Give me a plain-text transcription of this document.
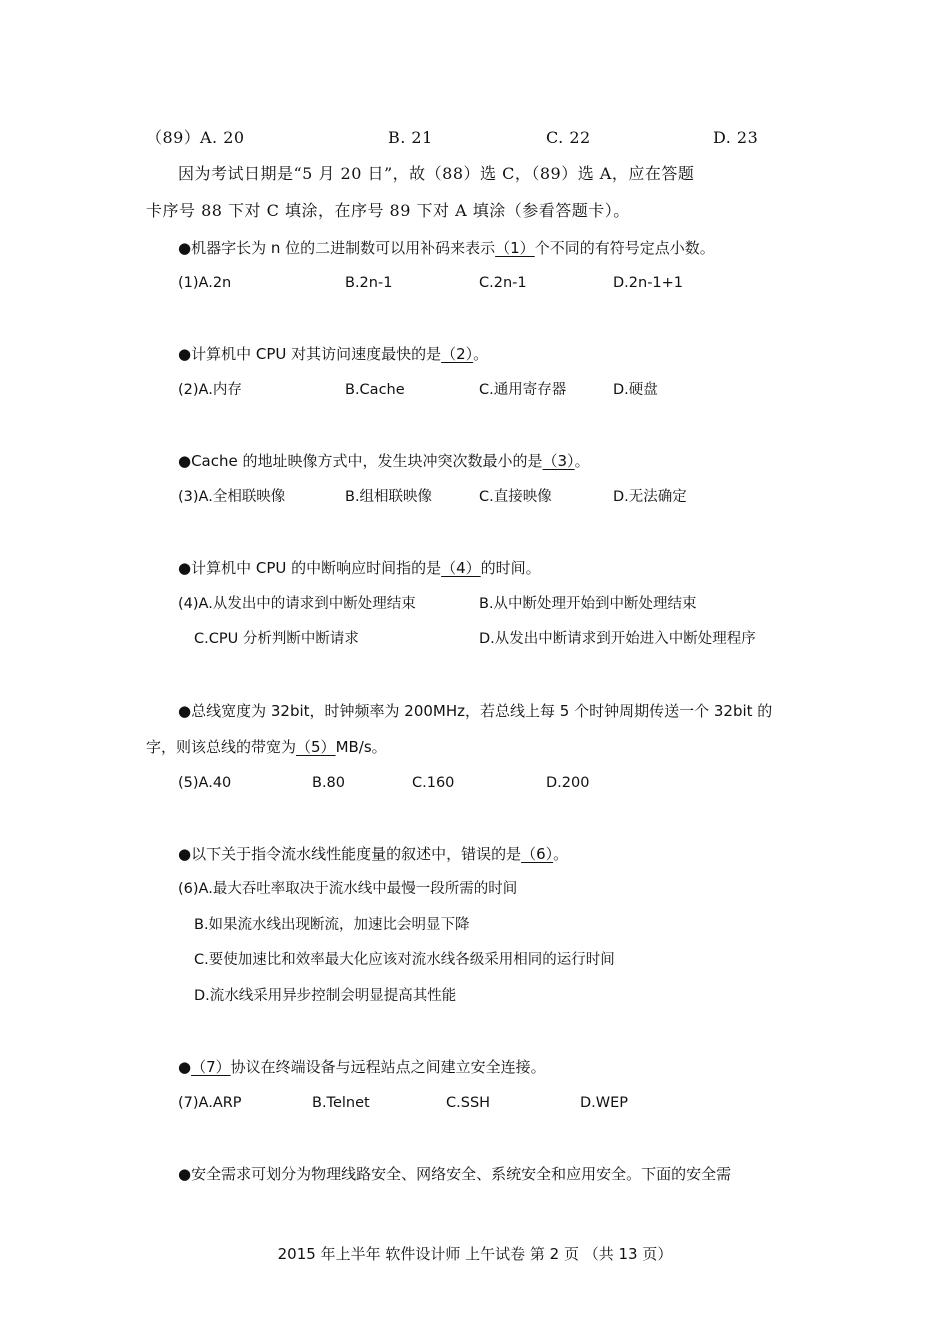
（89） A. 20	B. 21	C. 22	D. 23
因为考试日期是“5 月 20 日”，故（88）选 C，（89）选 A，应在答题
卡序号 88 下对 C 填涂，在序号 89 下对 A 填涂（参看答题卡）。
●机器字长为 n 位的二进制数可以用补码来表示（1）个不同的有符号定点小数。
(1)A.2n	B.2n-1	C.2n-1	D.2n-1+1
●计算机中 CPU 对其访问速度最快的是（2）。
(2)A.内存	B.Cache	C.通用寄存器	D.硬盘
●Cache 的地址映像方式中，发生块冲突次数最小的是（3）。
(3)A.全相联映像	B.组相联映像	C.直接映像	D.无法确定
●计算机中 CPU 的中断响应时间指的是（4）的时间。
(4)A.从发出中的请求到中断处理结束	B.从中断处理开始到中断处理结束
C.CPU 分析判断中断请求	D.从发出中断请求到开始进入中断处理程序
●总线宽度为 32bit，时钟频率为 200MHz，若总线上每 5 个时钟周期传送一个 32bit 的
字，则该总线的带宽为（5）MB/s。
(5)A.40	B.80	C.160	D.200
●以下关于指令流水线性能度量的叙述中，错误的是（6）。
(6)A.最大吞吐率取决于流水线中最慢一段所需的时间
B.如果流水线出现断流，加速比会明显下降
C.要使加速比和效率最大化应该对流水线各级采用相同的运行时间
D.流水线采用异步控制会明显提高其性能
●（7）协议在终端设备与远程站点之间建立安全连接。
(7)A.ARP	B.Telnet	C.SSH	D.WEP
●安全需求可划分为物理线路安全、网络安全、系统安全和应用安全。下面的安全需
2015 年上半年 软件设计师 上午试卷 第 2 页 （共 13 页）
